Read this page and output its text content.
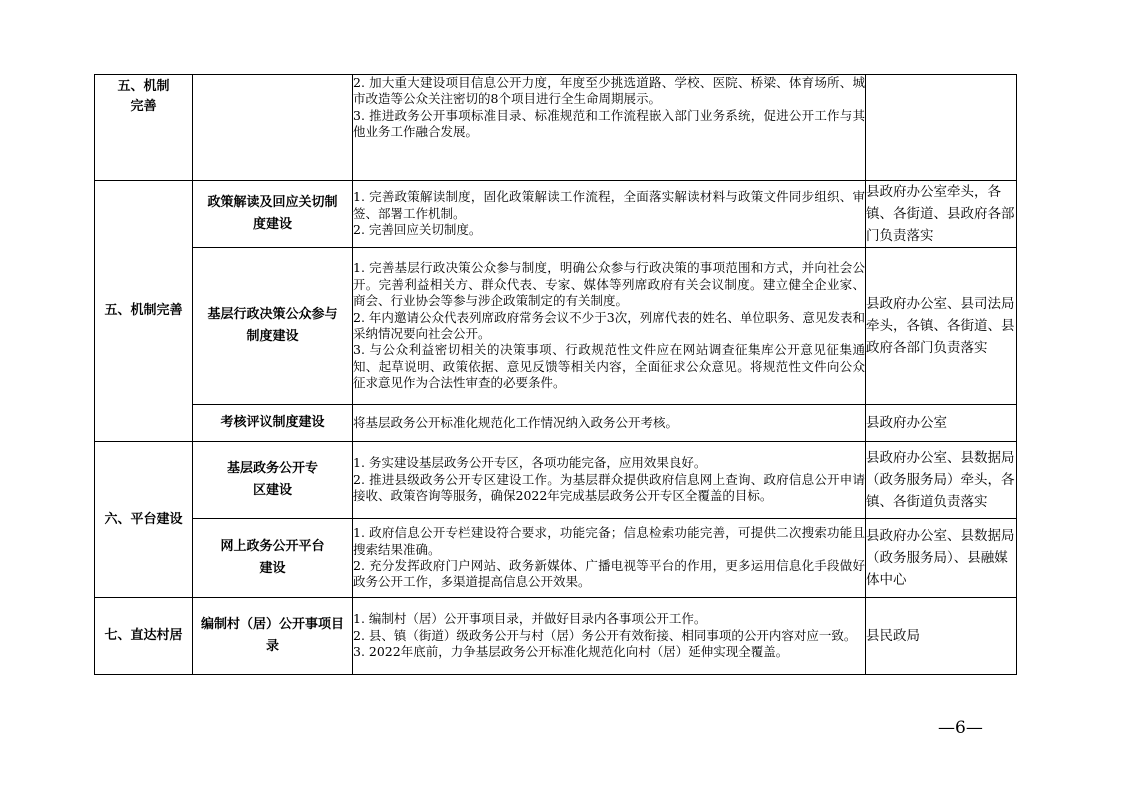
五、机制完善		2. 加大重大建设项目信息公开力度，年度至少挑选道路、学校、医院、桥梁、体育场所、城市改造等公众关注密切的8个项目进行全生命周期展示。
3. 推进政务公开事项标准目录、标准规范和工作流程嵌入部门业务系统，促进公开工作与其他业务工作融合发展。	

五、机制完善	政策解读及回应关切制度建设	1. 完善政策解读制度，固化政策解读工作流程，全面落实解读材料与政策文件同步组织、审签、部署工作机制。
2. 完善回应关切制度。	县政府办公室牵头，各镇、各街道、县政府各部门负责落实

	基层行政决策公众参与制度建设	1. 完善基层行政决策公众参与制度，明确公众参与行政决策的事项范围和方式，并向社会公开。完善利益相关方、群众代表、专家、媒体等列席政府有关会议制度。建立健全企业家、商会、行业协会等参与涉企政策制定的有关制度。
2. 年内邀请公众代表列席政府常务会议不少于3次，列席代表的姓名、单位职务、意见发表和采纳情况要向社会公开。
3. 与公众利益密切相关的决策事项、行政规范性文件应在网站调查征集库公开意见征集通知、起草说明、政策依据、意见反馈等相关内容，全面征求公众意见。将规范性文件向公众征求意见作为合法性审查的必要条件。	县政府办公室、县司法局牵头，各镇、各街道、县政府各部门负责落实
	考核评议制度建设	将基层政务公开标准化规范化工作情况纳入政务公开考核。	县政府办公室
六、平台建设	基层政务公开专区建设	1. 务实建设基层政务公开专区，各项功能完备，应用效果良好。
2. 推进县级政务公开专区建设工作。为基层群众提供政府信息网上查询、政府信息公开申请接收、政策咨询等服务，确保2022年完成基层政务公开专区全覆盖的目标。	县政府办公室、县数据局（政务服务局）牵头，各镇、各街道负责落实

	网上政务公开平台建设	1. 政府信息公开专栏建设符合要求，功能完备；信息检索功能完善，可提供二次搜索功能且搜索结果准确。
2. 充分发挥政府门户网站、政务新媒体、广播电视等平台的作用，更多运用信息化手段做好政务公开工作，多渠道提高信息公开效果。	县政府办公室、县数据局（政务服务局）、县融媒体中心
七、直达村居	编制村（居）公开事项目录	1. 编制村（居）公开事项目录，并做好目录内各事项公开工作。
2. 县、镇（街道）级政务公开与村（居）务公开有效衔接、相同事项的公开内容对应一致。
3. 2022年底前，力争基层政务公开标准化规范化向村（居）延伸实现全覆盖。	县民政局
—6—
